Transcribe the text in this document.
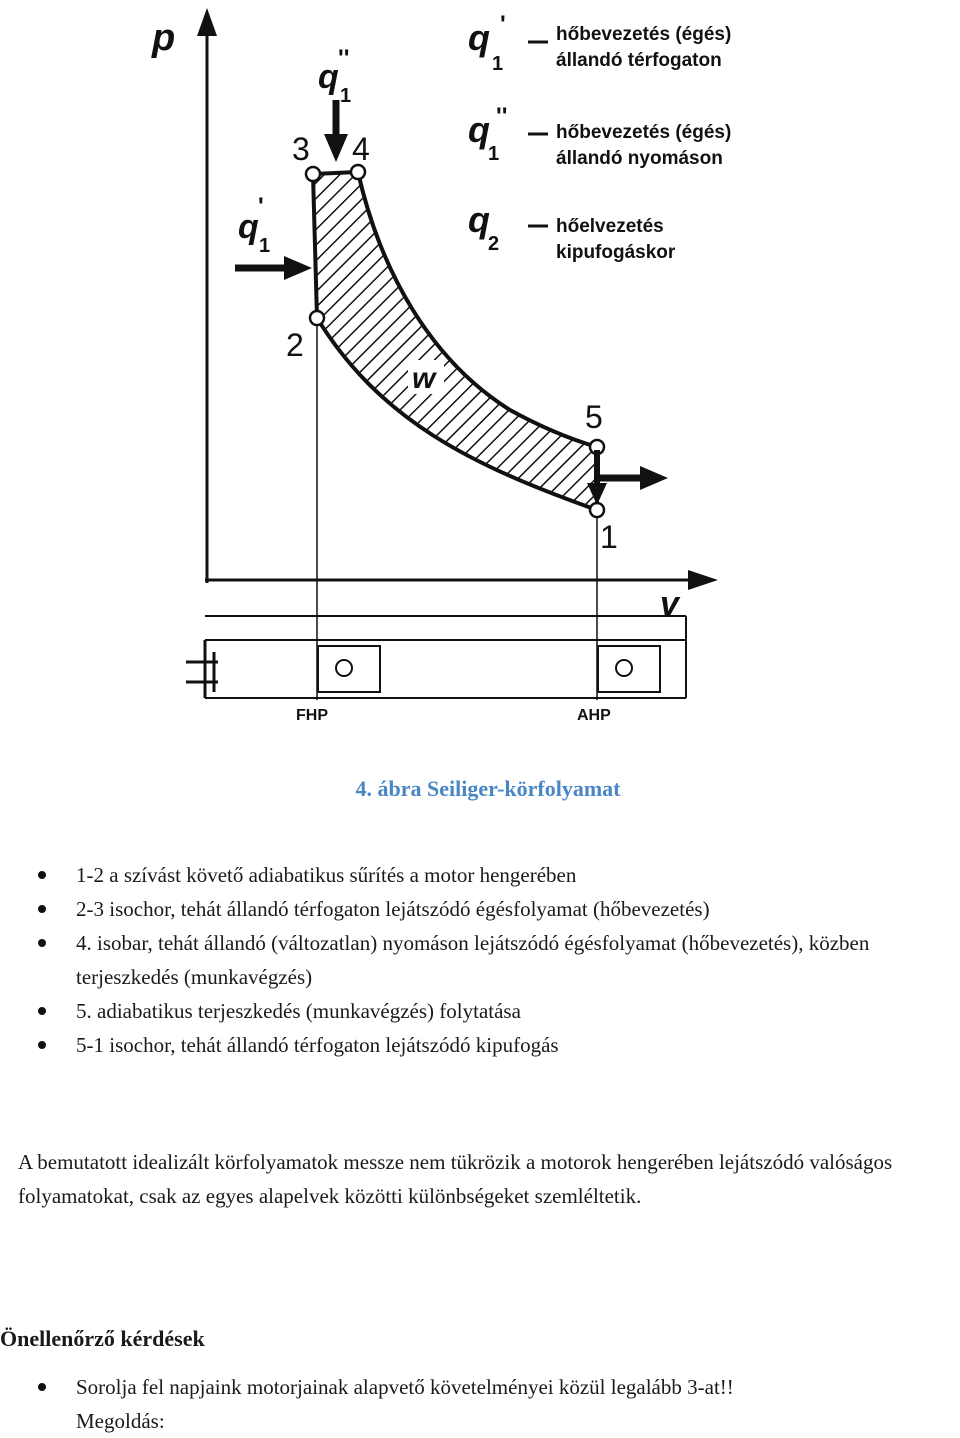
p
v
w
1
2
3 4
5
q
'
1
q ''
1
q '
1
hőbevezetés (égés)
állandó térfogaton
q ''
1
hőbevezetés (égés)
állandó nyomáson
q
2
hőelvezetés
kipufogáskor
FHP	AHP
4. ábra Seiliger-körfolyamat
1-2 a szívást követő adiabatikus sűrítés a motor hengerében
2-3 isochor, tehát állandó térfogaton lejátszódó égésfolyamat (hőbevezetés)
4. isobar, tehát állandó (változatlan) nyomáson lejátszódó égésfolyamat (hőbevezetés), közben terjeszkedés (munkavégzés)
5. adiabatikus terjeszkedés (munkavégzés) folytatása
5-1 isochor, tehát állandó térfogaton lejátszódó kipufogás
A bemutatott idealizált körfolyamatok messze nem tükrözik a motorok hengerében lejátszódó valóságos folyamatokat, csak az egyes alapelvek közötti különbségeket szemléltetik.
Önellenőrző kérdések
Sorolja fel napjaink motorjainak alapvető követelményei közül legalább 3-at!!
Megoldás:
